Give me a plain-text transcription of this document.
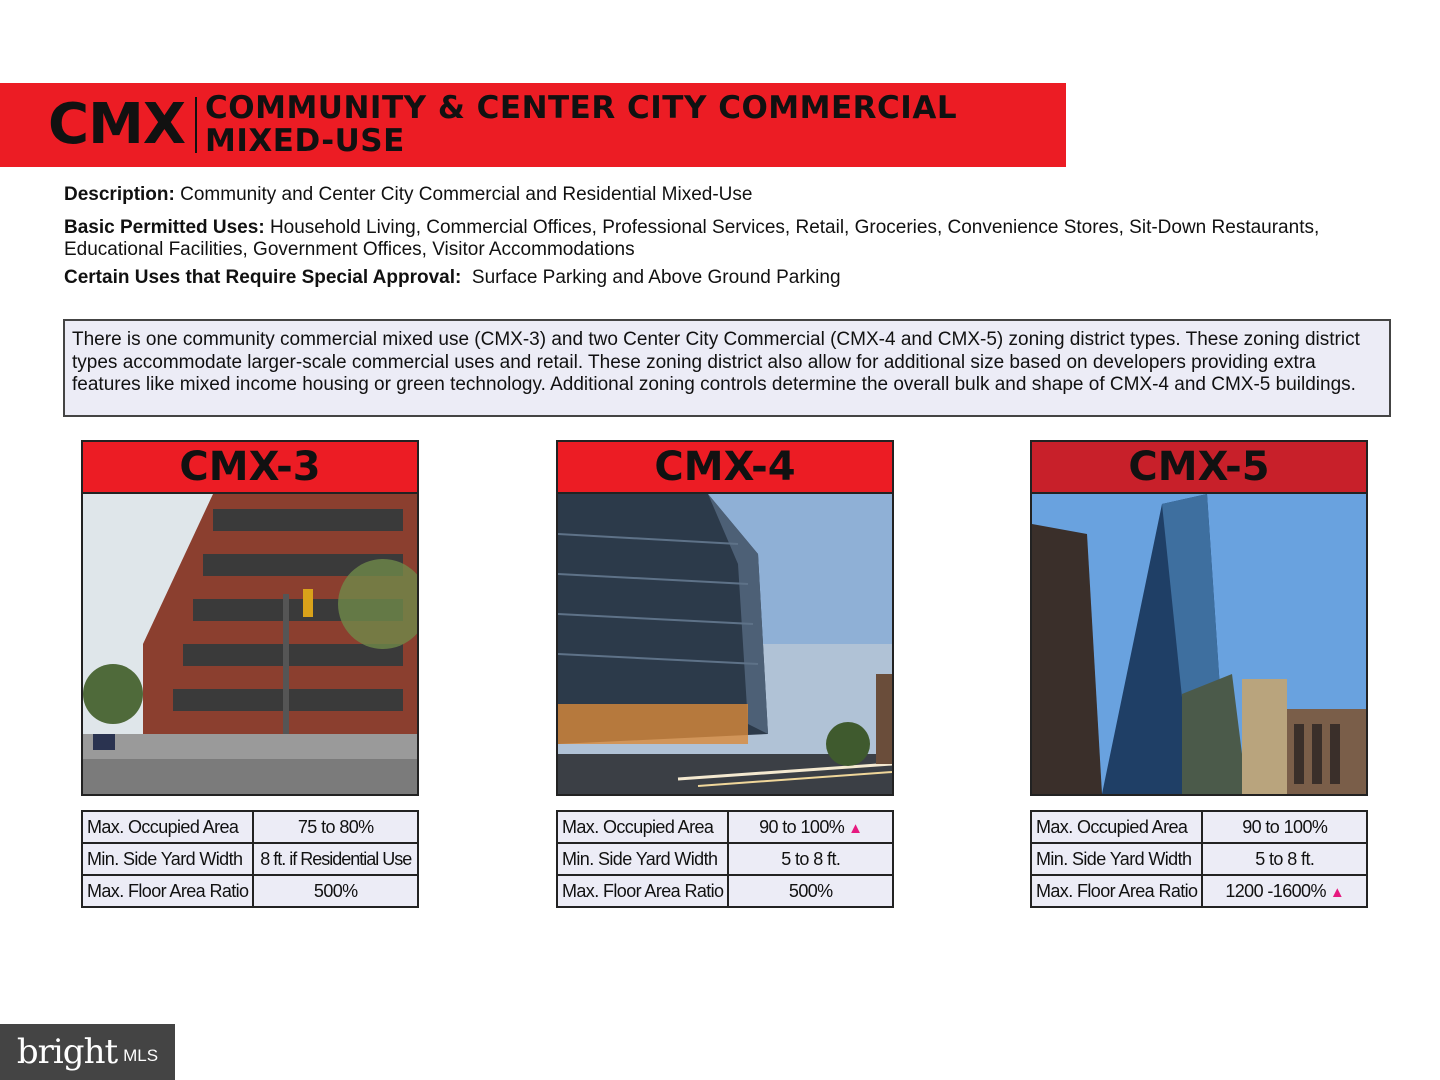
CMX COMMUNITY & CENTER CITY COMMERCIAL
MIXED-USE
Description: Community and Center City Commercial and Residential Mixed-Use
Basic Permitted Uses: Household Living, Commercial Offices, Professional Services, Retail, Groceries, Convenience Stores, Sit-Down Restaurants, Educational Facilities, Government Offices, Visitor Accommodations
Certain Uses that Require Special Approval: Surface Parking and Above Ground Parking
There is one community commercial mixed use (CMX-3) and two Center City Commercial (CMX-4 and CMX-5) zoning district types. These zoning district types accommodate larger-scale commercial uses and retail. These zoning district also allow for additional size based on developers providing extra features like mixed income housing or green technology. Additional zoning controls determine the overall bulk and shape of CMX-4 and CMX-5 buildings.
CMX-3
Max. Occupied Area	75 to 80%
Min. Side Yard Width	8 ft. if Residential Use
Max. Floor Area Ratio	500%
CMX-4
Max. Occupied Area	90 to 100% ▲
Min. Side Yard Width	5 to 8 ft.
Max. Floor Area Ratio	500%
CMX-5
Max. Occupied Area	90 to 100%
Min. Side Yard Width	5 to 8 ft.
Max. Floor Area Ratio	1200 -1600% ▲
bright MLS
